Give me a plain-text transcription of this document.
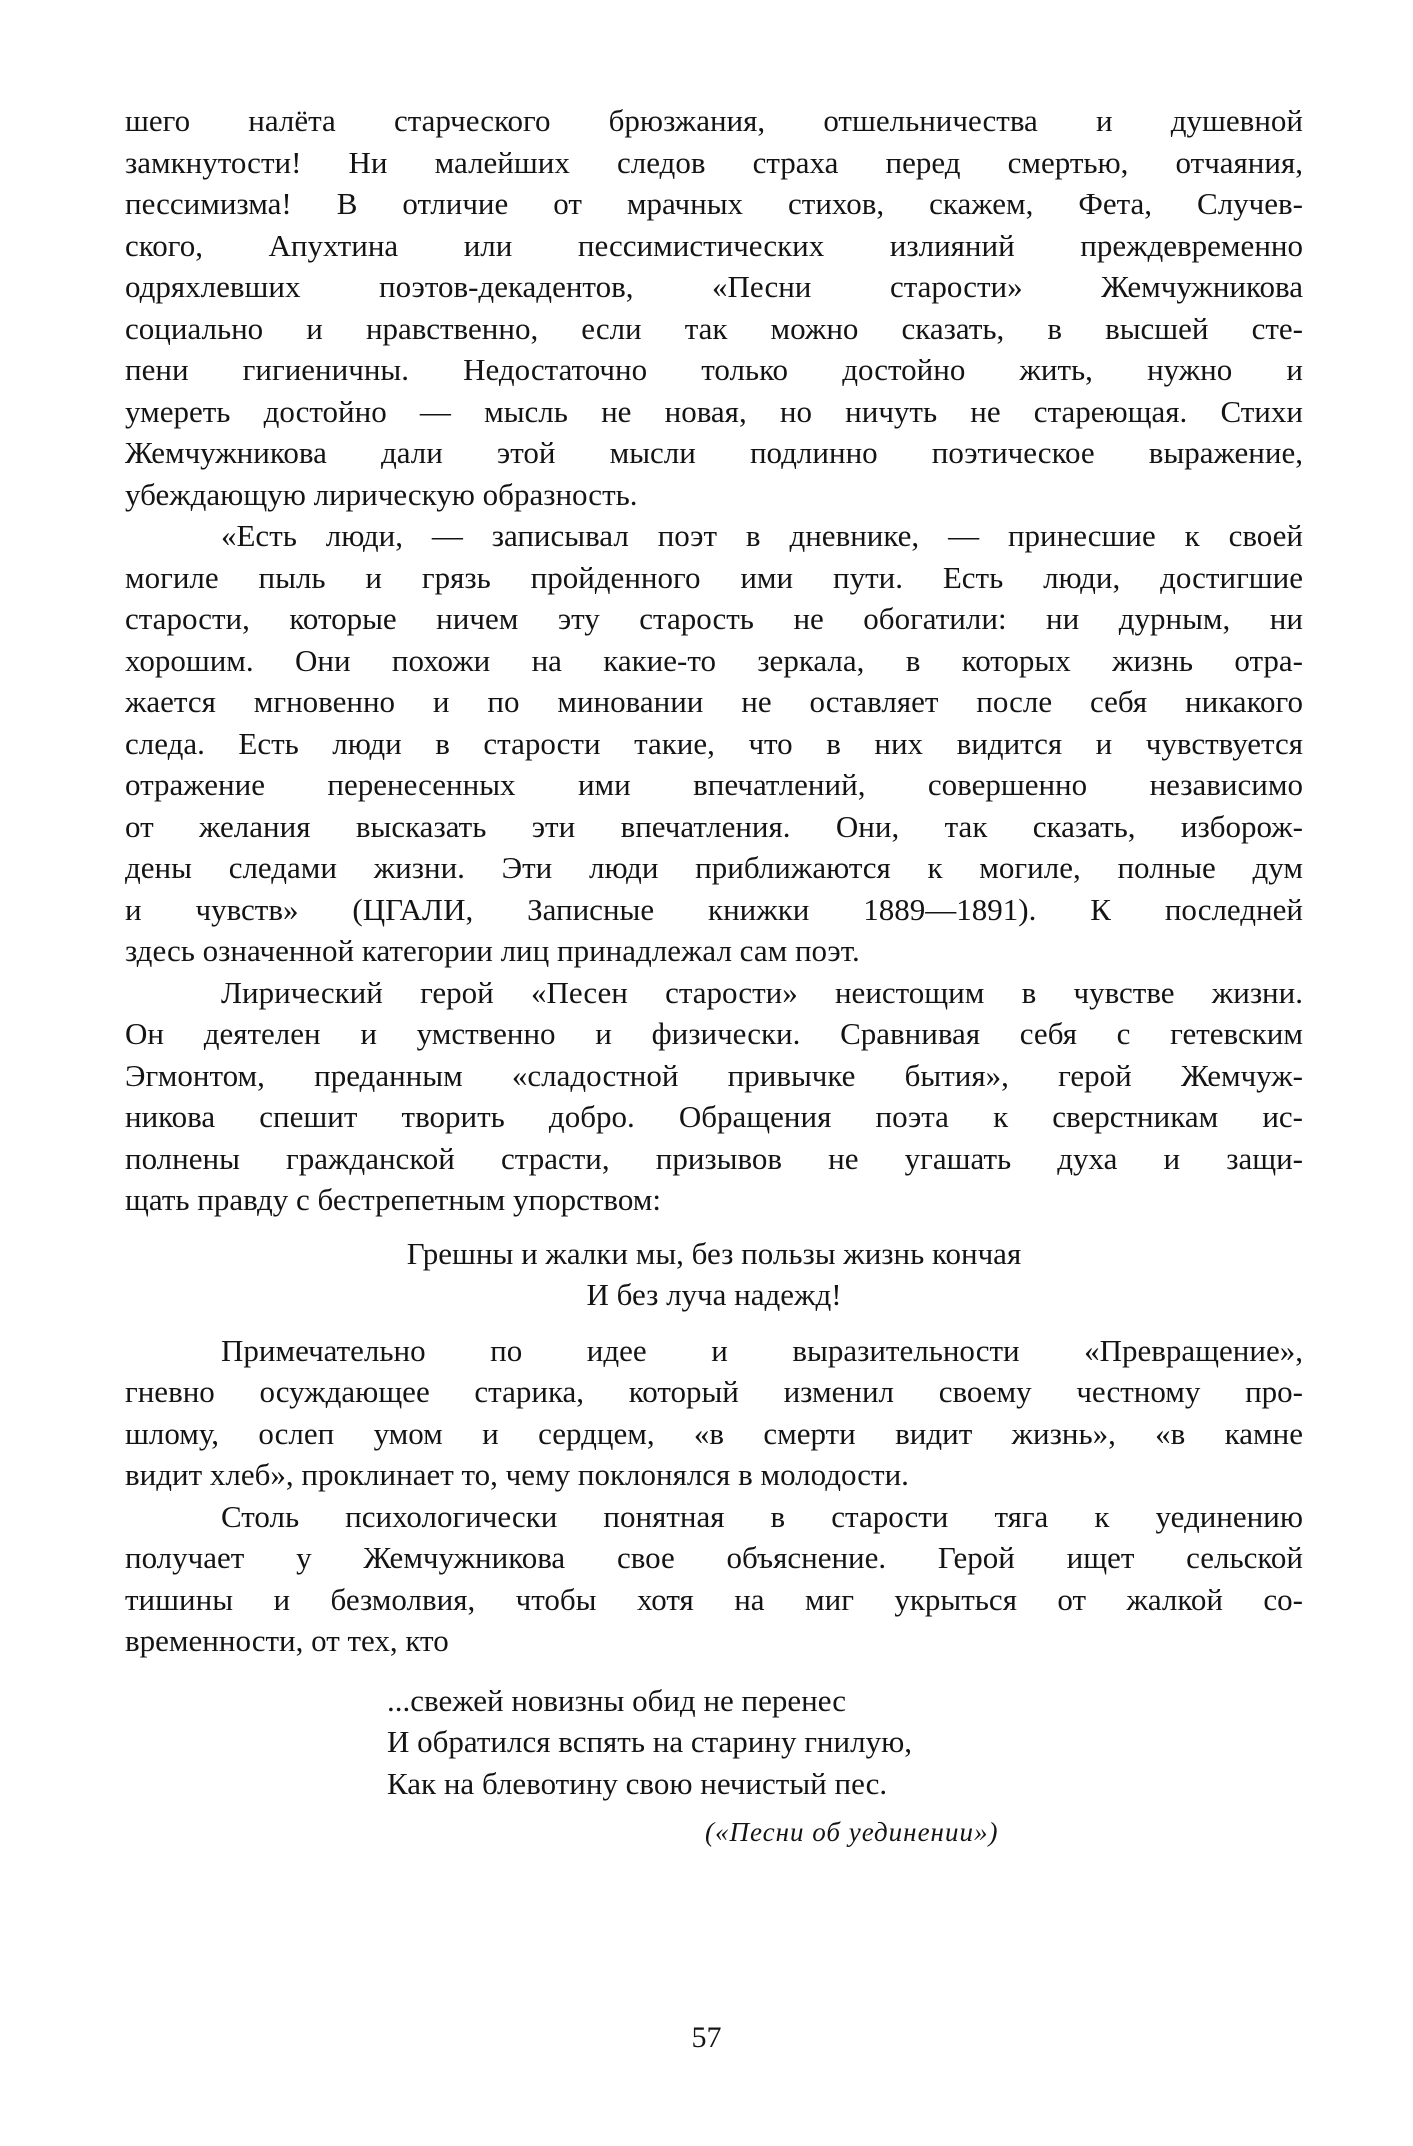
шего налёта старческого брюзжания, отшельничества и душевной
замкнутости! Ни малейших следов страха перед смертью, отчаяния,
пессимизма! В отличие от мрачных стихов, скажем, Фета, Случев-
ского, Апухтина или пессимистических излияний преждевременно
одряхлевших поэтов-декадентов, «Песни старости» Жемчужникова
социально и нравственно, если так можно сказать, в высшей сте-
пени гигиеничны. Недостаточно только достойно жить, нужно и
умереть достойно — мысль не новая, но ничуть не стареющая. Стихи
Жемчужникова дали этой мысли подлинно поэтическое выражение,
убеждающую лирическую образность.
«Есть люди, — записывал поэт в дневнике, — принесшие к своей
могиле пыль и грязь пройденного ими пути. Есть люди, достигшие
старости, которые ничем эту старость не обогатили: ни дурным, ни
хорошим. Они похожи на какие-то зеркала, в которых жизнь отра-
жается мгновенно и по миновании не оставляет после себя никакого
следа. Есть люди в старости такие, что в них видится и чувствуется
отражение перенесенных ими впечатлений, совершенно независимо
от желания высказать эти впечатления. Они, так сказать, изборож-
дены следами жизни. Эти люди приближаются к могиле, полные дум
и чувств» (ЦГАЛИ, Записные книжки 1889—1891). К последней
здесь означенной категории лиц принадлежал сам поэт.
Лирический герой «Песен старости» неистощим в чувстве жизни.
Он деятелен и умственно и физически. Сравнивая себя с гетевским
Эгмонтом, преданным «сладостной привычке бытия», герой Жемчуж-
никова спешит творить добро. Обращения поэта к сверстникам ис-
полнены гражданской страсти, призывов не угашать духа и защи-
щать правду с бестрепетным упорством:
Грешны и жалки мы, без пользы жизнь кончая
И без луча надежд!
Примечательно по идее и выразительности «Превращение»,
гневно осуждающее старика, который изменил своему честному про-
шлому, ослеп умом и сердцем, «в смерти видит жизнь», «в камне
видит хлеб», проклинает то, чему поклонялся в молодости.
Столь психологически понятная в старости тяга к уединению
получает у Жемчужникова свое объяснение. Герой ищет сельской
тишины и безмолвия, чтобы хотя на миг укрыться от жалкой со-
временности, от тех, кто
...свежей новизны обид не перенес
И обратился вспять на старину гнилую,
Как на блевотину свою нечистый пес.
(«Песни об уединении»)
57
